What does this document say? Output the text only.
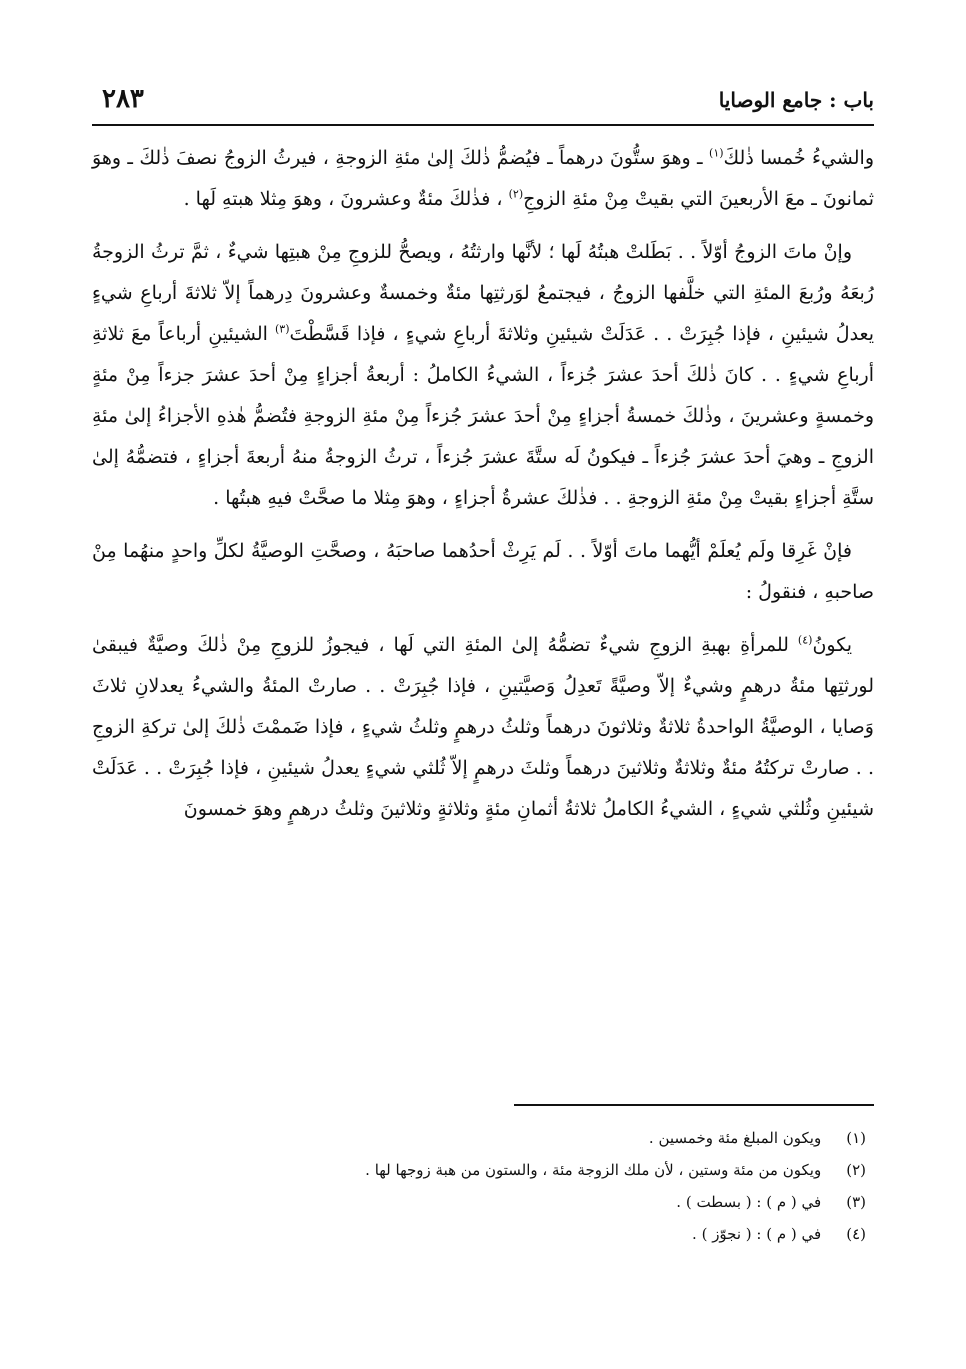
باب : جامع الوصايا
٢٨٣

والشيءُ خُمسا ذٰلكَ$^{(١)}$ ـ وهوَ ستُّونَ درهماً ـ فيُضمُّ ذٰلكَ إلىٰ مئةِ الزوجةِ ، فيرثُ الزوجُ نصفَ ذٰلكَ ـ وهوَ ثمانونَ ـ معَ الأربعينَ التي بقيتْ مِنْ مئةِ الزوجِ$^{(٢)}$ ، فذٰلكَ مئةٌ وعشرونَ ، وهوَ مِثلا هبتهِ لَها .

وإنْ ماتَ الزوجُ أوّلاً . . بَطَلتْ هبتُهُ لَها ؛ لأنَّها وارثتُهُ ، ويصحُّ للزوجِ مِنْ هبتِها شيءٌ ، ثمَّ ترثُ الزوجةُ رُبعَهُ ورُبعَ المئةِ التي خلَّفها الزوجُ ، فيجتمعُ لوَرثتِها مئةٌ وخمسةٌ وعشرونَ دِرهماً إلاّ ثلاثةَ أرباعِ شيءٍ يعدلُ شيئينِ ، فإذا جُبِرَتْ . . عَدَلَتْ شيئينِ وثلاثةَ أرباعِ شيءٍ ، فإذا قَسَّطْتَ$^{(٣)}$ الشيئينِ أرباعاً معَ ثلاثةِ أرباعِ شيءٍ . . كانَ ذٰلكَ أحدَ عشرَ جُزءاً ، الشيءُ الكاملُ : أربعةُ أجزاءٍ مِنْ أحدَ عشرَ جزءاً مِنْ مئةٍ وخمسةٍ وعشرينَ ، وذٰلكَ خمسةُ أجزاءٍ مِنْ أحدَ عشرَ جُزءاً مِنْ مئةِ الزوجةِ فتُضمُّ هٰذهِ الأجزاءُ إلىٰ مئةِ الزوجِ ـ وهيَ أحدَ عشرَ جُزءاً ـ فيكونُ لَه ستَّةَ عشرَ جُزءاً ، ترثُ الزوجةُ منهُ أربعةَ أجزاءٍ ، فتضمُّهُ إلىٰ ستَّةِ أجزاءٍ بقيتْ مِنْ مئةِ الزوجةِ . . فذٰلكَ عشرةُ أجزاءٍ ، وهوَ مِثلا ما صحَّتْ فيهِ هبتُها .

فإنْ غَرِقا ولَم يُعلَمْ أيُّهما ماتَ أوّلاً . . لَم يَرِثْ أحدُهما صاحبَهُ ، وصحَّتِ الوصيَّةُ لكلِّ واحدٍ منهُما مِنْ صاحبهِ ، فنقولُ :

يكونُ$^{(٤)}$ للمرأةِ بهبةِ الزوجِ شيءٌ تضمُّهُ إلىٰ المئةِ التي لَها ، فيجوزُ للزوجِ مِنْ ذٰلكَ وصيَّةٌ فيبقىٰ لورثتِها مئةُ درهمٍ وشيءٌ إلاّ وصيَّةً تَعدِلُ وَصيَّتينِ ، فإذا جُبِرَتْ . . صارتْ المئةُ والشيءُ يعدلانِ ثلاثَ وَصايا ، الوصيَّةُ الواحدةُ ثلاثةٌ وثلاثونَ درهماً وثلثُ درهمٍ وثلثُ شيءٍ ، فإذا ضَممْتَ ذٰلكَ إلىٰ تركةِ الزوجِ . . صارتْ تركتُهُ مئةٌ وثلاثةٌ وثلاثينَ درهماً وثلثَ درهمٍ إلاّ ثُلثي شيءٍ يعدلُ شيئينِ ، فإذا جُبِرَتْ . . عَدَلَتْ شيئينِ وثُلثي شيءٍ ، الشيءُ الكاملُ ثلاثةُ أثمانِ مئةٍ وثلاثةٍ وثلاثينَ وثلثُ درهمٍ وهوَ خمسونَ

(١) ويكون المبلغ مئة وخمسين .
(٢) ويكون من مئة وستين ، لأن ملك الزوجة مئة ، والستون من هبة زوجها لها .
(٣) في ( م ) : ( بسطت ) .
(٤) في ( م ) : ( نجوّز ) .
